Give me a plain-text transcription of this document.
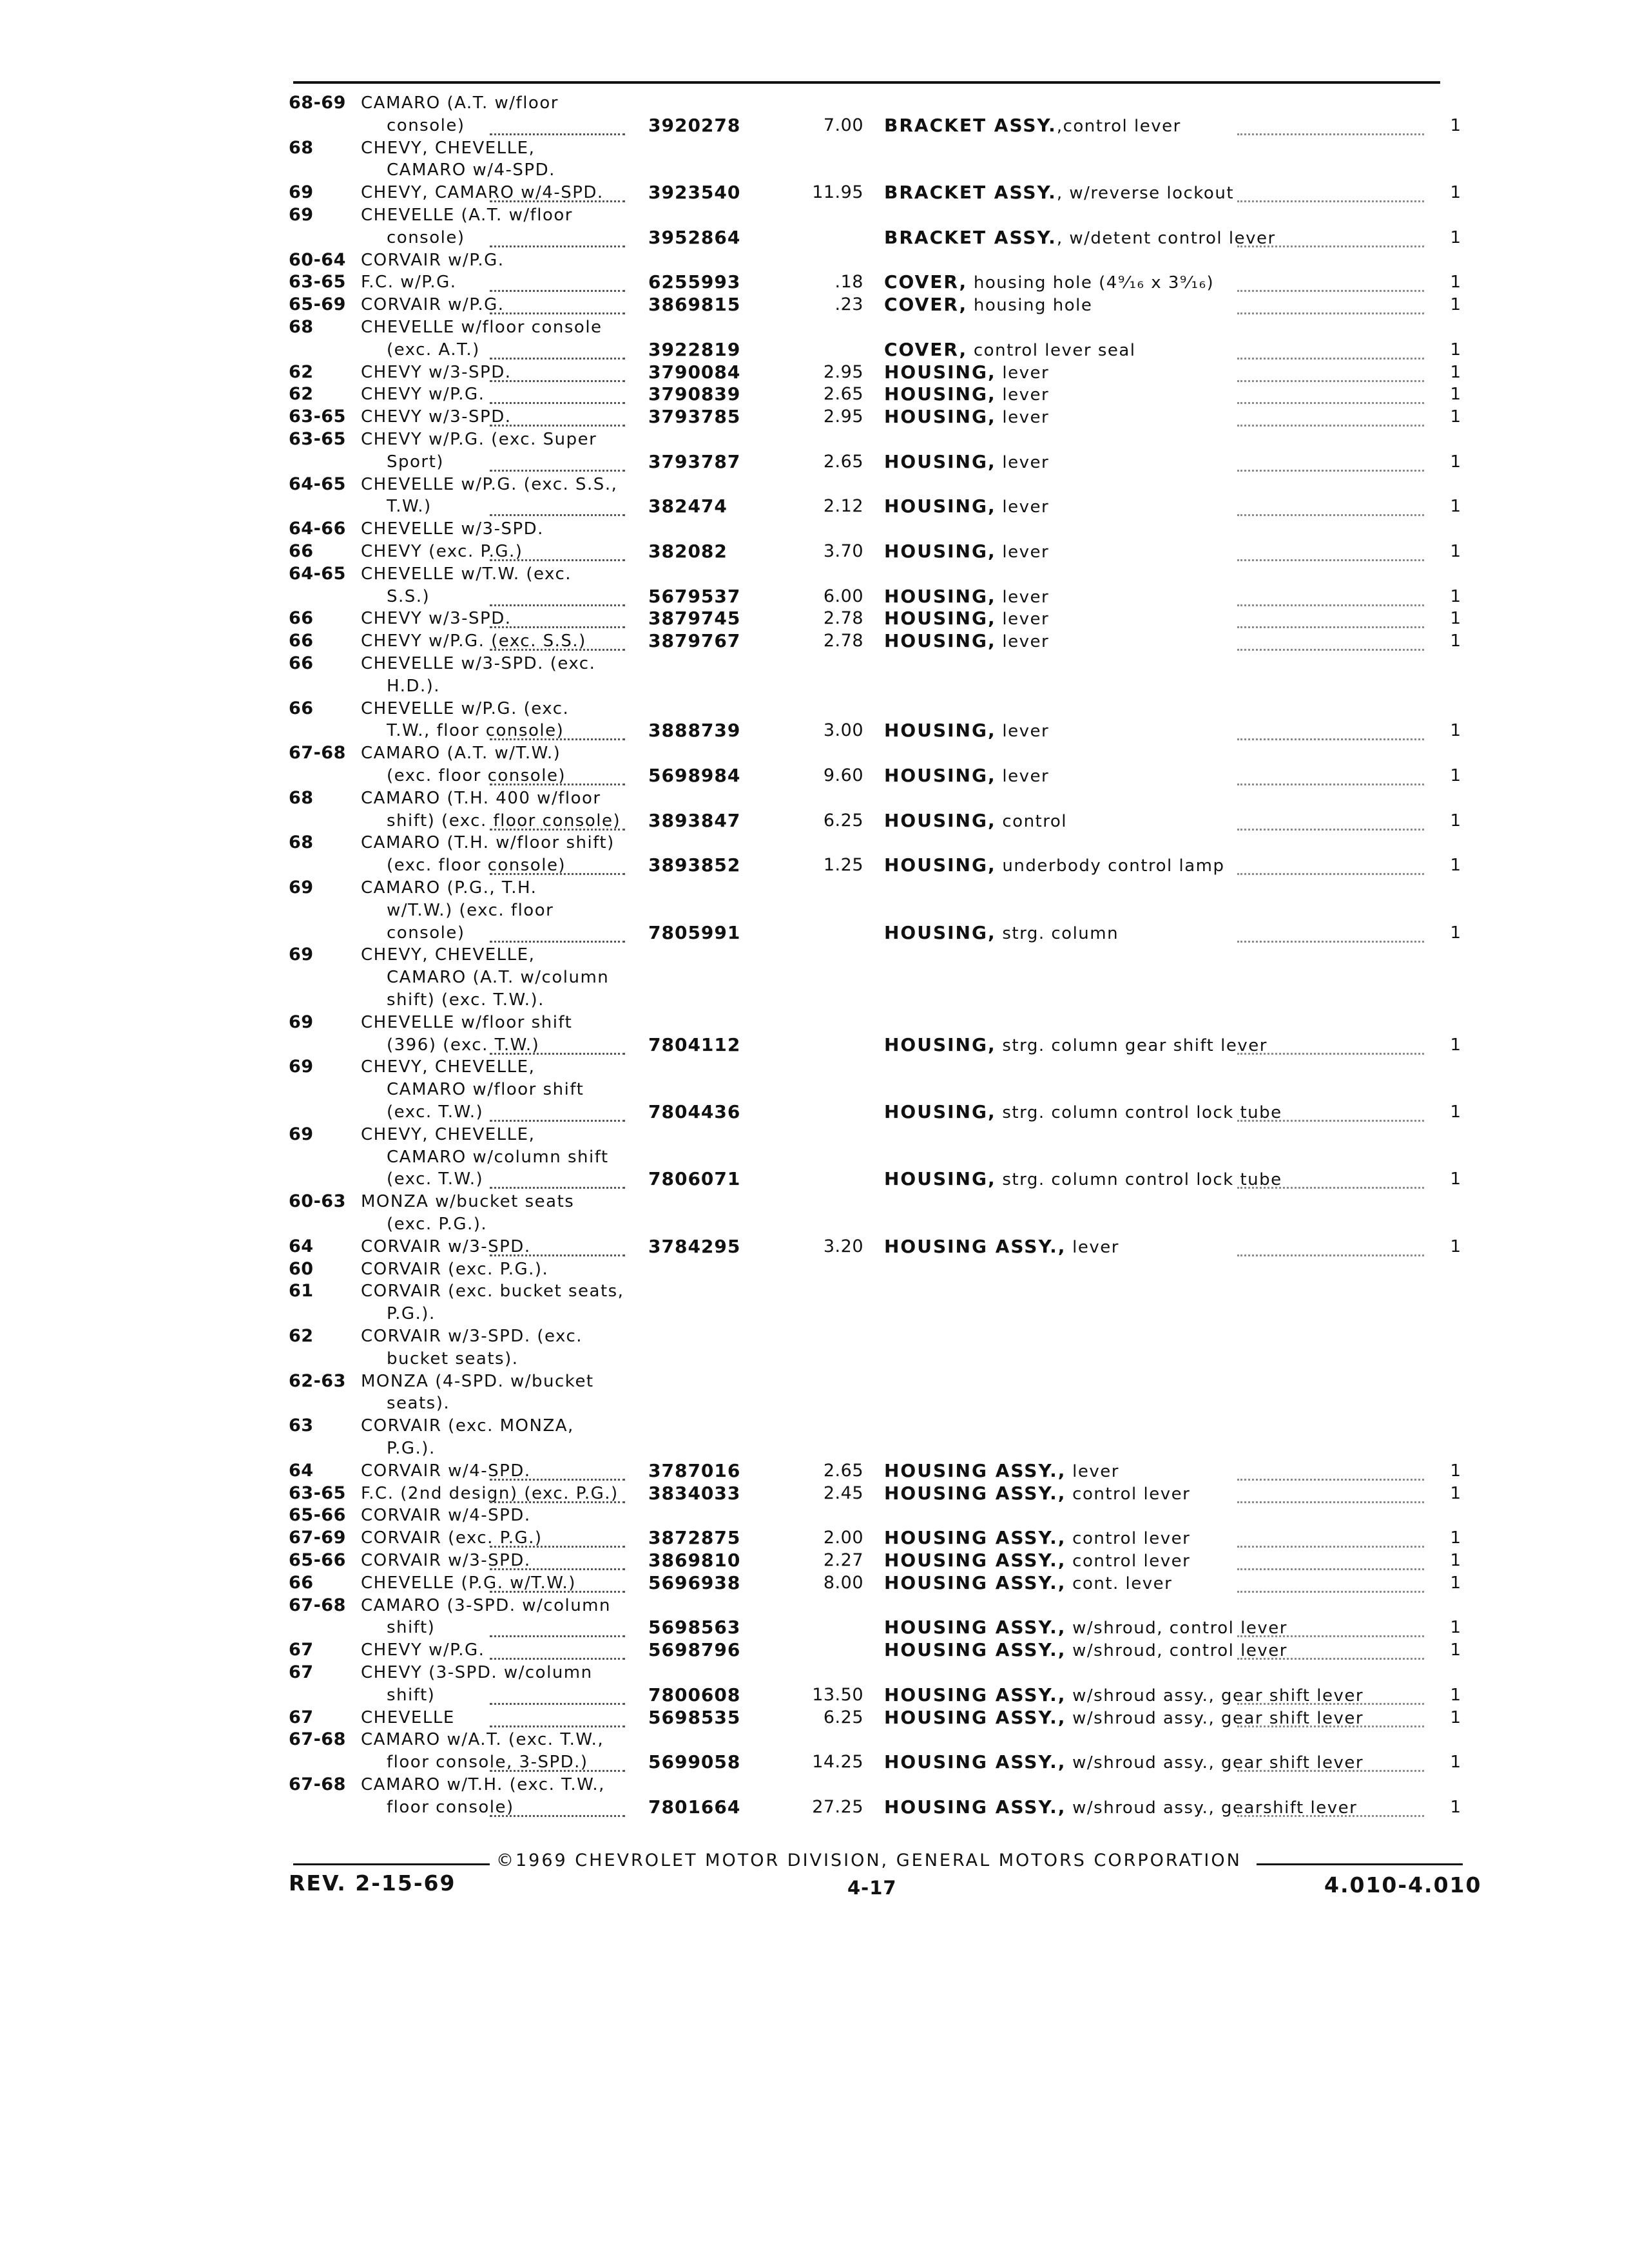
68-69 CAMARO (A.T. w/floor
console)	3920278	7.00 BRACKET ASSY.,control lever	1
68	CHEVY, CHEVELLE,
CAMARO w/4-SPD.
69	CHEVY, CAMARO w/4-SPD. 3923540	11.95 BRACKET ASSY., w/reverse lockout	1
69	CHEVELLE (A.T. w/floor
console)	3952864	BRACKET ASSY., w/detent control lever	1
60-64 CORVAIR w/P.G.
63-65 F.C. w/P.G.	6255993	.18 COVER, housing hole (4⁹⁄₁₆ x 3⁹⁄₁₆)	1
65-69 CORVAIR w/P.G.	3869815	.23 COVER, housing hole	1
68	CHEVELLE w/floor console
(exc. A.T.)	3922819	COVER, control lever seal	1
62	CHEVY w/3-SPD.	3790084	2.95 HOUSING, lever	1
62	CHEVY w/P.G.	3790839	2.65 HOUSING, lever	1
63-65 CHEVY w/3-SPD.	3793785	2.95 HOUSING, lever	1
63-65 CHEVY w/P.G. (exc. Super
Sport)	3793787	2.65 HOUSING, lever	1
64-65 CHEVELLE w/P.G. (exc. S.S.,
T.W.)	382474	2.12 HOUSING, lever	1
64-66 CHEVELLE w/3-SPD.
66	CHEVY (exc. P.G.)	382082	3.70 HOUSING, lever	1
64-65 CHEVELLE w/T.W. (exc.
S.S.)	5679537	6.00 HOUSING, lever	1
66	CHEVY w/3-SPD.	3879745	2.78 HOUSING, lever	1
66	CHEVY w/P.G. (exc. S.S.)	3879767	2.78 HOUSING, lever	1
66	CHEVELLE w/3-SPD. (exc.
H.D.).
66	CHEVELLE w/P.G. (exc.
T.W., floor console)	3888739	3.00 HOUSING, lever	1
67-68 CAMARO (A.T. w/T.W.)
(exc. floor console)	5698984	9.60 HOUSING, lever	1
68	CAMARO (T.H. 400 w/floor
shift) (exc. floor console) 3893847	6.25 HOUSING, control	1
68	CAMARO (T.H. w/floor shift)
(exc. floor console)	3893852	1.25 HOUSING, underbody control lamp	1
69	CAMARO (P.G., T.H.
w/T.W.) (exc. floor
console)	7805991	HOUSING, strg. column	1
69	CHEVY, CHEVELLE,
CAMARO (A.T. w/column
shift) (exc. T.W.).
69	CHEVELLE w/floor shift
(396) (exc. T.W.)	7804112	HOUSING, strg. column gear shift lever	1
69	CHEVY, CHEVELLE,
CAMARO w/floor shift
(exc. T.W.)	7804436	HOUSING, strg. column control lock tube	1
69	CHEVY, CHEVELLE,
CAMARO w/column shift
(exc. T.W.)	7806071	HOUSING, strg. column control lock tube	1
60-63 MONZA w/bucket seats
(exc. P.G.).
64	CORVAIR w/3-SPD.	3784295	3.20 HOUSING ASSY., lever	1
60	CORVAIR (exc. P.G.).
61	CORVAIR (exc. bucket seats,
P.G.).
62	CORVAIR w/3-SPD. (exc.
bucket seats).
62-63 MONZA (4-SPD. w/bucket
seats).
63	CORVAIR (exc. MONZA,
P.G.).
64	CORVAIR w/4-SPD.	3787016	2.65 HOUSING ASSY., lever	1
63-65 F.C. (2nd design) (exc. P.G.) 3834033	2.45 HOUSING ASSY., control lever	1
65-66 CORVAIR w/4-SPD.
67-69 CORVAIR (exc. P.G.)	3872875	2.00 HOUSING ASSY., control lever	1
65-66 CORVAIR w/3-SPD.	3869810	2.27 HOUSING ASSY., control lever	1
66	CHEVELLE (P.G. w/T.W.)	5696938	8.00 HOUSING ASSY., cont. lever	1
67-68 CAMARO (3-SPD. w/column
shift)	5698563	HOUSING ASSY., w/shroud, control lever	1
67	CHEVY w/P.G.	5698796	HOUSING ASSY., w/shroud, control lever	1
67	CHEVY (3-SPD. w/column
shift)	7800608	13.50 HOUSING ASSY., w/shroud assy., gear shift lever	1
67	CHEVELLE	5698535	6.25 HOUSING ASSY., w/shroud assy., gear shift lever	1
67-68 CAMARO w/A.T. (exc. T.W.,
floor console, 3-SPD.)	5699058	14.25 HOUSING ASSY., w/shroud assy., gear shift lever	1
67-68 CAMARO w/T.H. (exc. T.W.,
floor console)	7801664	27.25 HOUSING ASSY., w/shroud assy., gearshift lever	1
©1969 CHEVROLET MOTOR DIVISION, GENERAL MOTORS CORPORATION
REV. 2-15-69	4-17	4.010-4.010
